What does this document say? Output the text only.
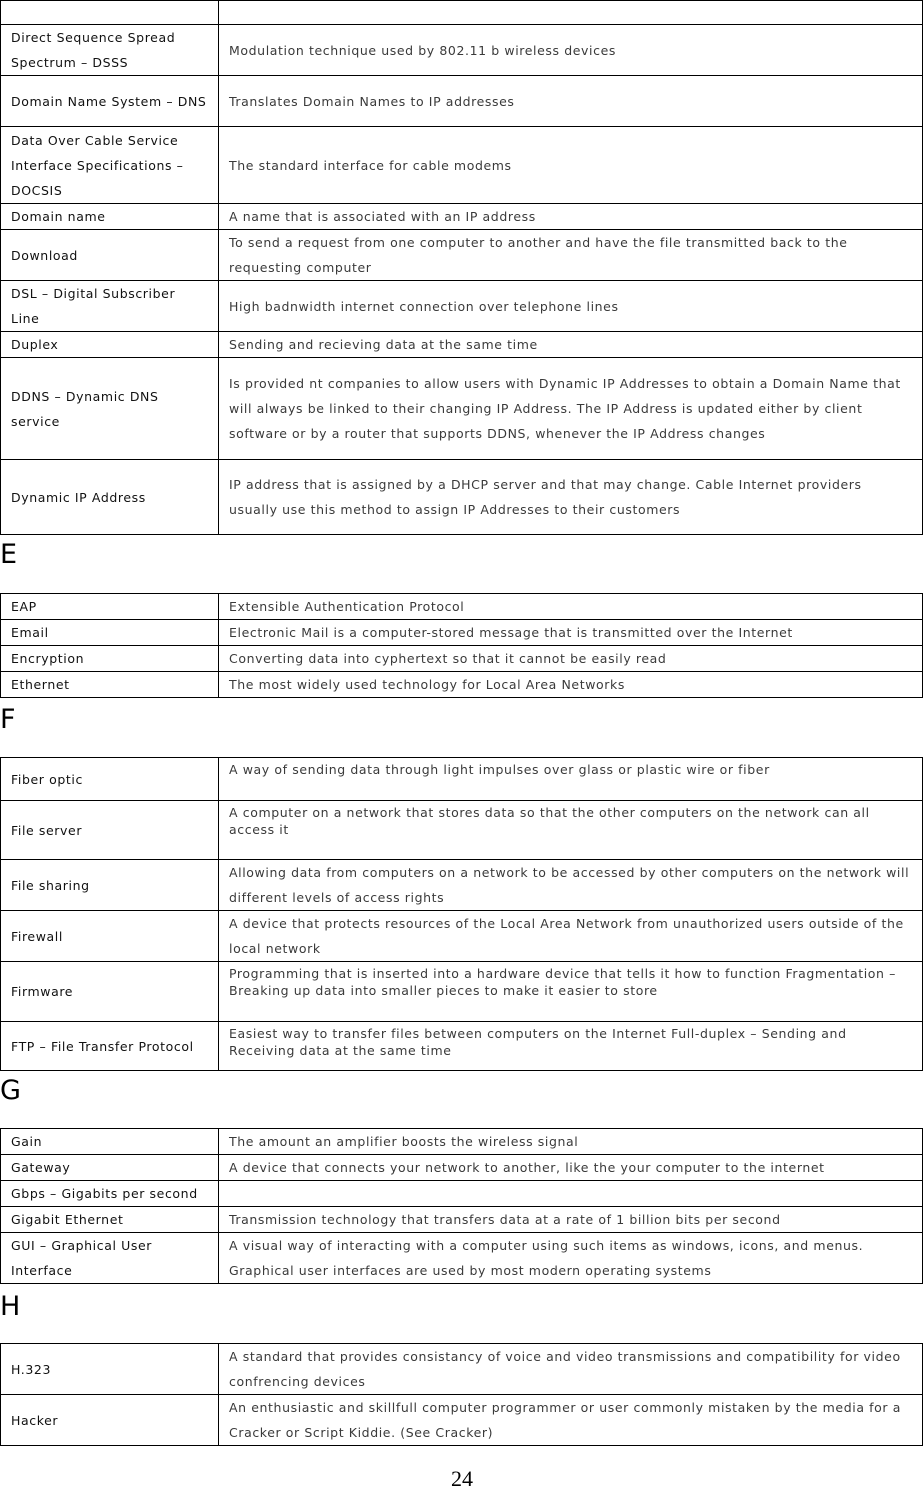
Direct Sequence Spread Spectrum – DSSS	Modulation technique used by 802.11 b wireless devices
Domain Name System – DNS	Translates Domain Names to IP addresses
Data Over Cable Service Interface Specifications – DOCSIS	The standard interface for cable modems
Domain name	A name that is associated with an IP address
Download	To send a request from one computer to another and have the file transmitted back to the requesting computer
DSL – Digital Subscriber Line	High badnwidth internet connection over telephone lines
Duplex	Sending and recieving data at the same time
DDNS – Dynamic DNS service	Is provided nt companies to allow users with Dynamic IP Addresses to obtain a Domain Name that will always be linked to their changing IP Address. The IP Address is updated either by client software or by a router that supports DDNS, whenever the IP Address changes
Dynamic IP Address	IP address that is assigned by a DHCP server and that may change. Cable Internet providers usually use this method to assign IP Addresses to their customers
E
EAP	Extensible Authentication Protocol
Email	Electronic Mail is a computer-stored message that is transmitted over the Internet
Encryption	Converting data into cyphertext so that it cannot be easily read
Ethernet	The most widely used technology for Local Area Networks
F
Fiber optic	A way of sending data through light impulses over glass or plastic wire or fiber
File server	A computer on a network that stores data so that the other computers on the network can all access it
File sharing	Allowing data from computers on a network to be accessed by other computers on the network will different levels of access rights
Firewall	A device that protects resources of the Local Area Network from unauthorized users outside of the local network
Firmware	Programming that is inserted into a hardware device that tells it how to function Fragmentation – Breaking up data into smaller pieces to make it easier to store
FTP – File Transfer Protocol	Easiest way to transfer files between computers on the Internet Full-duplex – Sending and Receiving data at the same time
G
Gain	The amount an amplifier boosts the wireless signal
Gateway	A device that connects your network to another, like the your computer to the internet
Gbps – Gigabits per second	
Gigabit Ethernet	Transmission technology that transfers data at a rate of 1 billion bits per second
GUI – Graphical User Interface	A visual way of interacting with a computer using such items as windows, icons, and menus. Graphical user interfaces are used by most modern operating systems
H
H.323	A standard that provides consistancy of voice and video transmissions and compatibility for video confrencing devices
Hacker	An enthusiastic and skillfull computer programmer or user commonly mistaken by the media for a Cracker or Script Kiddie. (See Cracker)
24
